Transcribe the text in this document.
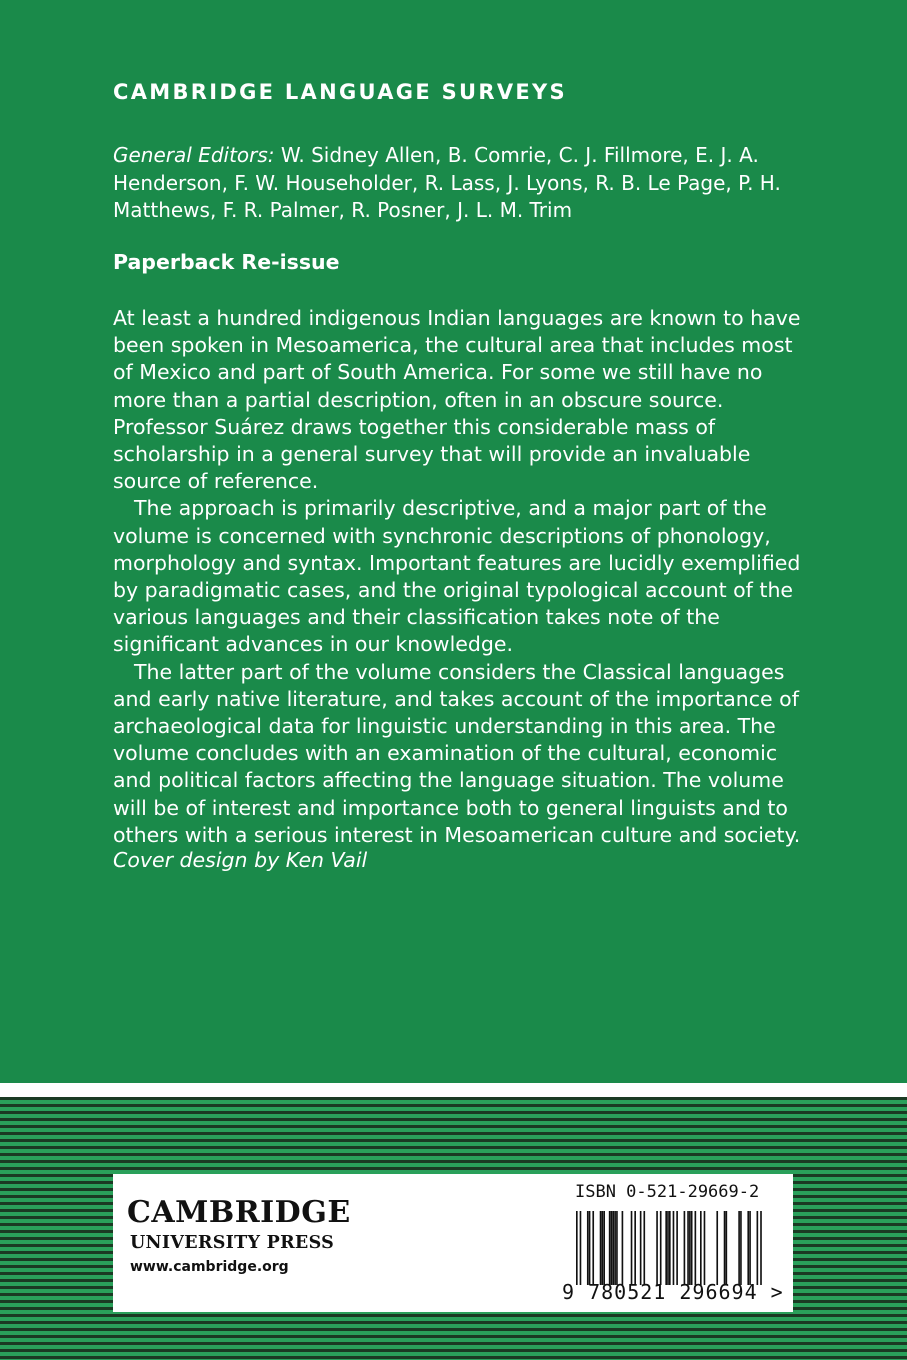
CAMBRIDGE LANGUAGE SURVEYS

General Editors: W. Sidney Allen, B. Comrie, C. J. Fillmore, E. J. A. Henderson, F. W. Householder, R. Lass, J. Lyons, R. B. Le Page, P. H. Matthews, F. R. Palmer, R. Posner, J. L. M. Trim

Paperback Re-issue

At least a hundred indigenous Indian languages are known to have been spoken in Mesoamerica, the cultural area that includes most of Mexico and part of South America. For some we still have no more than a partial description, often in an obscure source. Professor Suárez draws together this considerable mass of scholarship in a general survey that will provide an invaluable source of reference.

The approach is primarily descriptive, and a major part of the volume is concerned with synchronic descriptions of phonology, morphology and syntax. Important features are lucidly exemplified by paradigmatic cases, and the original typological account of the various languages and their classification takes note of the significant advances in our knowledge.

The latter part of the volume considers the Classical languages and early native literature, and takes account of the importance of archaeological data for linguistic understanding in this area. The volume concludes with an examination of the cultural, economic and political factors affecting the language situation. The volume will be of interest and importance both to general linguists and to others with a serious interest in Mesoamerican culture and society.

Cover design by Ken Vail

CAMBRIDGE

UNIVERSITY PRESS

www.cambridge.org

ISBN 0-521-29669-2

9 780521 296694 >
